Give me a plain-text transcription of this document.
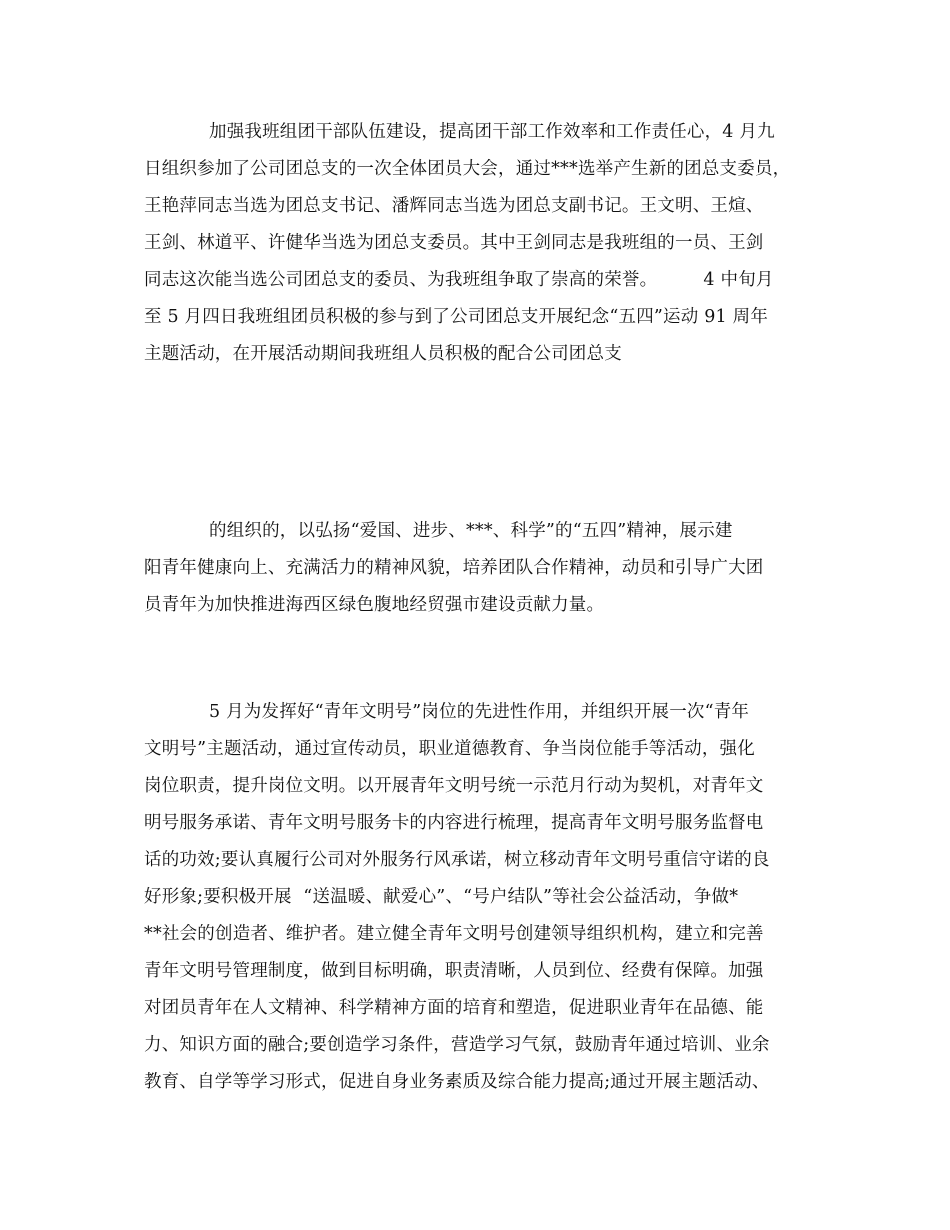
加强我班组团干部队伍建设，提高团干部工作效率和工作责任心，4 月九
日组织参加了公司团总支的一次全体团员大会，通过***选举产生新的团总支委员，
王艳萍同志当选为团总支书记、潘辉同志当选为团总支副书记。王文明、王煊、
王剑、林道平、许健华当选为团总支委员。其中王剑同志是我班组的一员、王剑
同志这次能当选公司团总支的委员、为我班组争取了崇高的荣誉。        4 中旬月
至 5 月四日我班组团员积极的参与到了公司团总支开展纪念“五四”运动 91 周年
主题活动，在开展活动期间我班组人员积极的配合公司团总支
的组织的，以弘扬“爱国、进步、***、科学”的“五四”精神，展示建
阳青年健康向上、充满活力的精神风貌，培养团队合作精神，动员和引导广大团
员青年为加快推进海西区绿色腹地经贸强市建设贡献力量。
5 月为发挥好“青年文明号”岗位的先进性作用，并组织开展一次“青年
文明号”主题活动，通过宣传动员，职业道德教育、争当岗位能手等活动，强化
岗位职责，提升岗位文明。以开展青年文明号统一示范月行动为契机，对青年文
明号服务承诺、青年文明号服务卡的内容进行梳理，提高青年文明号服务监督电
话的功效;要认真履行公司对外服务行风承诺，树立移动青年文明号重信守诺的良
好形象;要积极开展  “送温暖、献爱心”、“号户结队”等社会公益活动，争做*
**社会的创造者、维护者。建立健全青年文明号创建领导组织机构，建立和完善
青年文明号管理制度，做到目标明确，职责清晰，人员到位、经费有保障。加强
对团员青年在人文精神、科学精神方面的培育和塑造，促进职业青年在品德、能
力、知识方面的融合;要创造学习条件，营造学习气氛，鼓励青年通过培训、业余
教育、自学等学习形式，促进自身业务素质及综合能力提高;通过开展主题活动、
